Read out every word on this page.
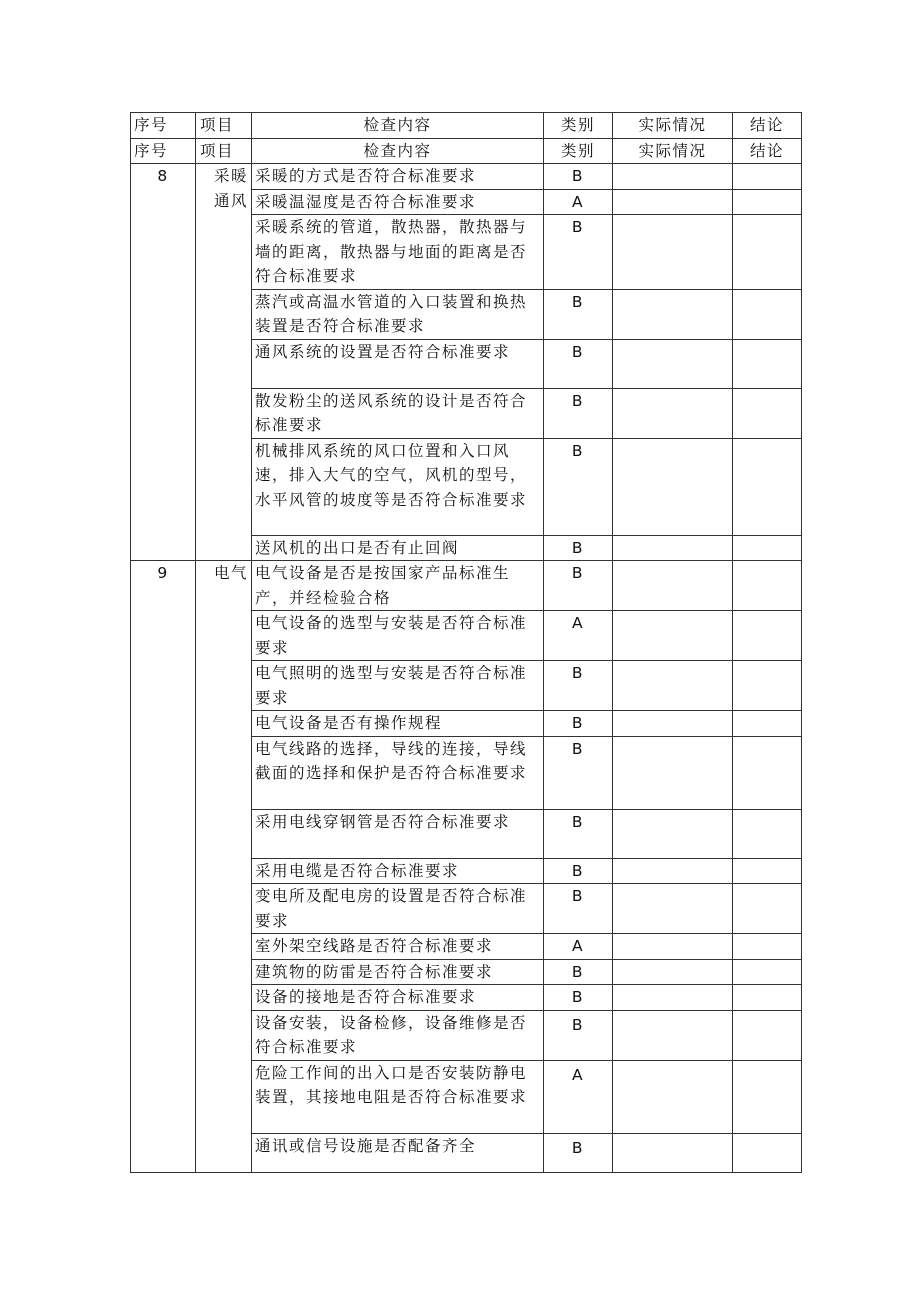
序号	项目	检查内容	类别	实际情况	结论
序号	项目	检查内容	类别	实际情况	结论
8	采暖通风	采暖的方式是否符合标准要求	B		
		采暖温湿度是否符合标准要求	A		
		采暖系统的管道，散热器，散热器与墙的距离，散热器与地面的距离是否符合标准要求	B		
		蒸汽或高温水管道的入口装置和换热装置是否符合标准要求	B		
		通风系统的设置是否符合标准要求	B		
		散发粉尘的送风系统的设计是否符合标准要求	B		
		机械排风系统的风口位置和入口风速，排入大气的空气，风机的型号，水平风管的坡度等是否符合标准要求	B		
		送风机的出口是否有止回阀	B		
9	电气	电气设备是否是按国家产品标准生产，并经检验合格	B		
		电气设备的选型与安装是否符合标准要求	A		
		电气照明的选型与安装是否符合标准要求	B		
		电气设备是否有操作规程	B		
		电气线路的选择，导线的连接，导线截面的选择和保护是否符合标准要求	B		
		采用电线穿钢管是否符合标准要求	B		
		采用电缆是否符合标准要求	B		
		变电所及配电房的设置是否符合标准要求	B		
		室外架空线路是否符合标准要求	A		
		建筑物的防雷是否符合标准要求	B		
		设备的接地是否符合标准要求	B		
		设备安装，设备检修，设备维修是否符合标准要求	B		
		危险工作间的出入口是否安装防静电装置，其接地电阻是否符合标准要求	A		
		通讯或信号设施是否配备齐全	B		
